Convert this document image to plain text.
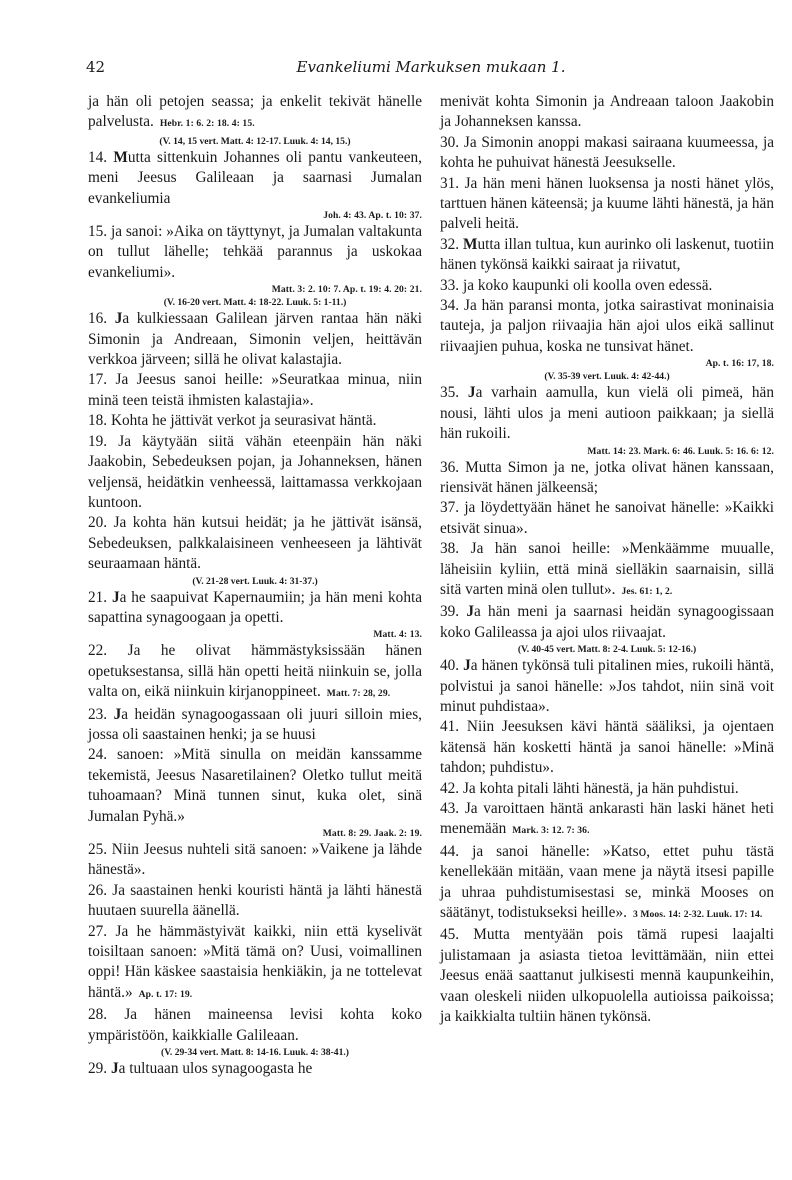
42	Evankeliumi Markuksen mukaan 1.

ja hän oli petojen seassa; ja enkelit tekivät hänelle palvelusta. Hebr. 1: 6. 2: 18. 4: 15.

(V. 14, 15 vert. Matt. 4: 12-17. Luuk. 4: 14, 15.)

14. Mutta sittenkuin Johannes oli pantu vankeuteen, meni Jeesus Galileaan ja saarnasi Jumalan evankeliumia
Joh. 4: 43. Ap. t. 10: 37.

15. ja sanoi: »Aika on täyttynyt, ja Jumalan valtakunta on tullut lähelle; tehkää parannus ja uskokaa evankeliumi».
Matt. 3: 2. 10: 7. Ap. t. 19: 4. 20: 21.

(V. 16-20 vert. Matt. 4: 18-22. Luuk. 5: 1-11.)

16. Ja kulkiessaan Galilean järven rantaa hän näki Simonin ja Andreaan, Simonin veljen, heittävän verkkoa järveen; sillä he olivat kalastajia.

17. Ja Jeesus sanoi heille: »Seuratkaa minua, niin minä teen teistä ihmisten kalastajia».

18. Kohta he jättivät verkot ja seurasivat häntä.

19. Ja käytyään siitä vähän eteenpäin hän näki Jaakobin, Sebedeuksen pojan, ja Johanneksen, hänen veljensä, heidätkin venheessä, laittamassa verkkojaan kuntoon.

20. Ja kohta hän kutsui heidät; ja he jättivät isänsä, Sebedeuksen, palkkalaisineen venheeseen ja lähtivät seuraamaan häntä.

(V. 21-28 vert. Luuk. 4: 31-37.)

21. Ja he saapuivat Kapernaumiin; ja hän meni kohta sapattina synagoogaan ja opetti.
Matt. 4: 13.

22. Ja he olivat hämmästyksissään hänen opetuksestansa, sillä hän opetti heitä niinkuin se, jolla valta on, eikä niinkuin kirjanoppineet. Matt. 7: 28, 29.

23. Ja heidän synagoogassaan oli juuri silloin mies, jossa oli saastainen henki; ja se huusi

24. sanoen: »Mitä sinulla on meidän kanssamme tekemistä, Jeesus Nasaretilainen? Oletko tullut meitä tuhoamaan? Minä tunnen sinut, kuka olet, sinä Jumalan Pyhä.»
Matt. 8: 29. Jaak. 2: 19.

25. Niin Jeesus nuhteli sitä sanoen: »Vaikene ja lähde hänestä».

26. Ja saastainen henki kouristi häntä ja lähti hänestä huutaen suurella äänellä.

27. Ja he hämmästyivät kaikki, niin että kyselivät toisiltaan sanoen: »Mitä tämä on? Uusi, voimallinen oppi! Hän käskee saastaisia henkiäkin, ja ne tottelevat häntä.» Ap. t. 17: 19.

28. Ja hänen maineensa levisi kohta koko ympäristöön, kaikkialle Galileaan.

(V. 29-34 vert. Matt. 8: 14-16. Luuk. 4: 38-41.)

29. Ja tultuaan ulos synagoogasta he

menivät kohta Simonin ja Andreaan taloon Jaakobin ja Johanneksen kanssa.

30. Ja Simonin anoppi makasi sairaana kuumeessa, ja kohta he puhuivat hänestä Jeesukselle.

31. Ja hän meni hänen luoksensa ja nosti hänet ylös, tarttuen hänen käteensä; ja kuume lähti hänestä, ja hän palveli heitä.

32. Mutta illan tultua, kun aurinko oli laskenut, tuotiin hänen tykönsä kaikki sairaat ja riivatut,

33. ja koko kaupunki oli koolla oven edessä.

34. Ja hän paransi monta, jotka sairastivat moninaisia tauteja, ja paljon riivaajia hän ajoi ulos eikä sallinut riivaajien puhua, koska ne tunsivat hänet.
Ap. t. 16: 17, 18.

(V. 35-39 vert. Luuk. 4: 42-44.)

35. Ja varhain aamulla, kun vielä oli pimeä, hän nousi, lähti ulos ja meni autioon paikkaan; ja siellä hän rukoili.
Matt. 14: 23. Mark. 6: 46. Luuk. 5: 16. 6: 12.

36. Mutta Simon ja ne, jotka olivat hänen kanssaan, riensivät hänen jälkeensä;

37. ja löydettyään hänet he sanoivat hänelle: »Kaikki etsivät sinua».

38. Ja hän sanoi heille: »Menkäämme muualle, läheisiin kyliin, että minä sielläkin saarnaisin, sillä sitä varten minä olen tullut». Jes. 61: 1, 2.

39. Ja hän meni ja saarnasi heidän synagoogissaan koko Galileassa ja ajoi ulos riivaajat.

(V. 40-45 vert. Matt. 8: 2-4. Luuk. 5: 12-16.)

40. Ja hänen tykönsä tuli pitalinen mies, rukoili häntä, polvistui ja sanoi hänelle: »Jos tahdot, niin sinä voit minut puhdistaa».

41. Niin Jeesuksen kävi häntä sääliksi, ja ojentaen kätensä hän kosketti häntä ja sanoi hänelle: »Minä tahdon; puhdistu».

42. Ja kohta pitali lähti hänestä, ja hän puhdistui.

43. Ja varoittaen häntä ankarasti hän laski hänet heti menemään Mark. 3: 12. 7: 36.

44. ja sanoi hänelle: »Katso, ettet puhu tästä kenellekään mitään, vaan mene ja näytä itsesi papille ja uhraa puhdistumisestasi se, minkä Mooses on säätänyt, todistukseksi heille». 3 Moos. 14: 2-32. Luuk. 17: 14.

45. Mutta mentyään pois tämä rupesi laajalti julistamaan ja asiasta tietoa levittämään, niin ettei Jeesus enää saattanut julkisesti mennä kaupunkeihin, vaan oleskeli niiden ulkopuolella autioissa paikoissa; ja kaikkialta tultiin hänen tykönsä.
